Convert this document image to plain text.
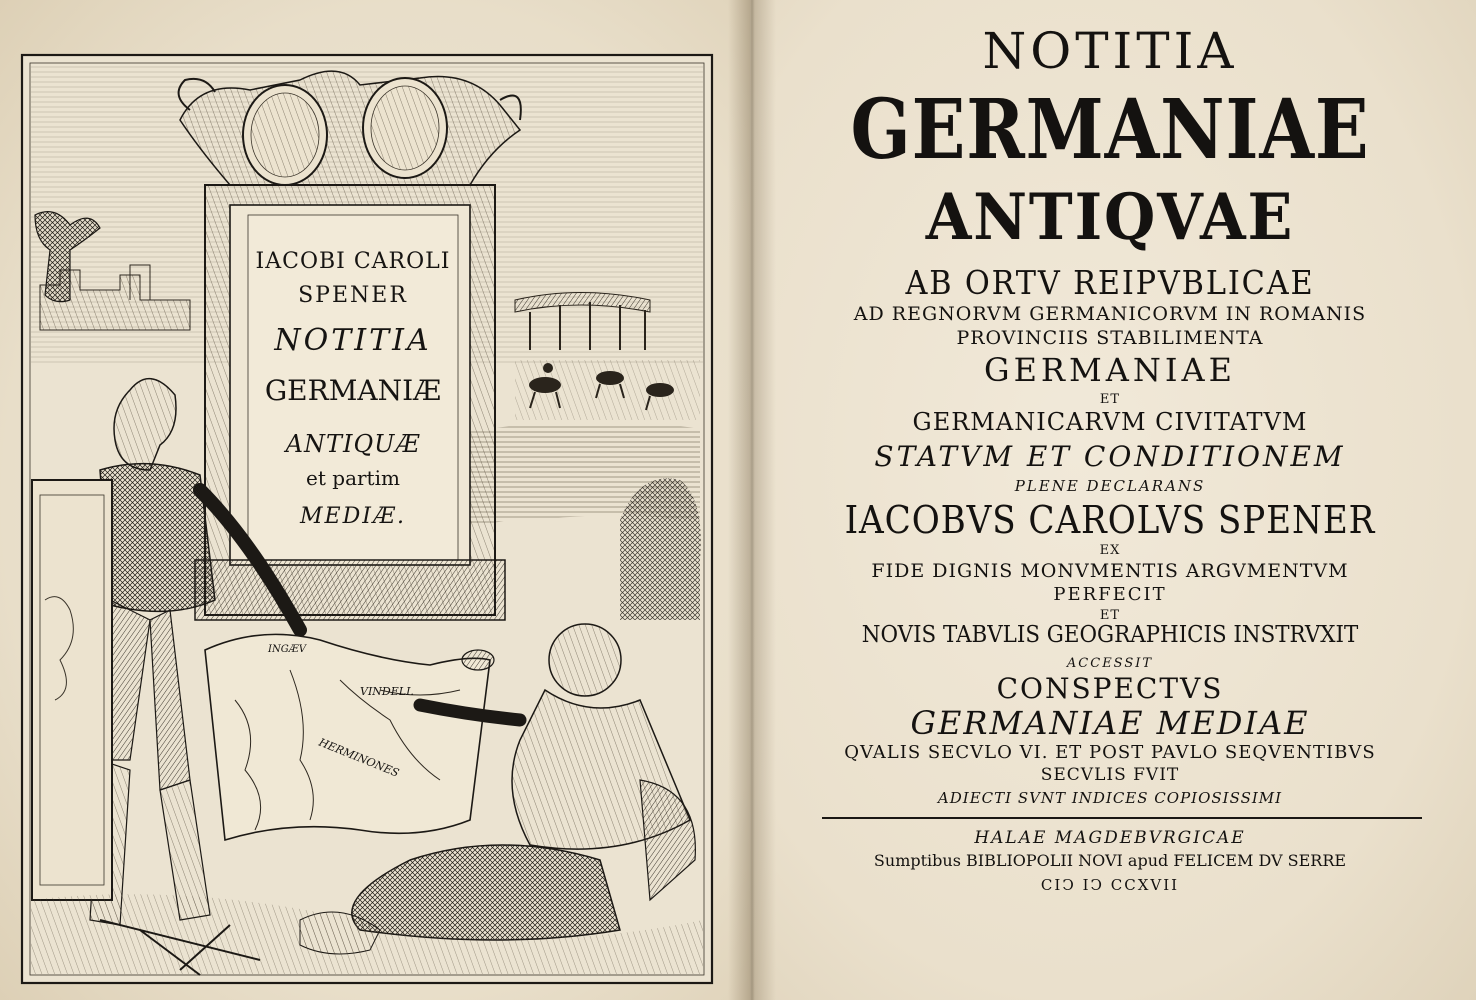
IACOBI CAROLI
SPENER
NOTITIA
GERMANIÆ
ANTIQUÆ
et partim
MEDIÆ.
VINDELI.
HERMINONES
INGÆV
NOTITIA
GERMANIAE
ANTIQVAE
AB ORTV REIPVBLICAE
AD REGNORVM GERMANICORVM IN ROMANIS
PROVINCIIS STABILIMENTA
GERMANIAE
ET
GERMANICARVM CIVITATVM
STATVM ET CONDITIONEM
PLENE DECLARANS
IACOBVS CAROLVS SPENER
EX
FIDE DIGNIS MONVMENTIS ARGVMENTVM
PERFECIT
ET
NOVIS TABVLIS GEOGRAPHICIS INSTRVXIT
ACCESSIT
CONSPECTVS
GERMANIAE MEDIAE
QVALIS SECVLO VI. ET POST PAVLO SEQVENTIBVS
SECVLIS FVIT
ADIECTI SVNT INDICES COPIOSISSIMI
HALAE MAGDEBVRGICAE
Sumptibus BIBLIOPOLII NOVI apud FELICEM DV SERRE
CIϽ IϽ CCXVII
